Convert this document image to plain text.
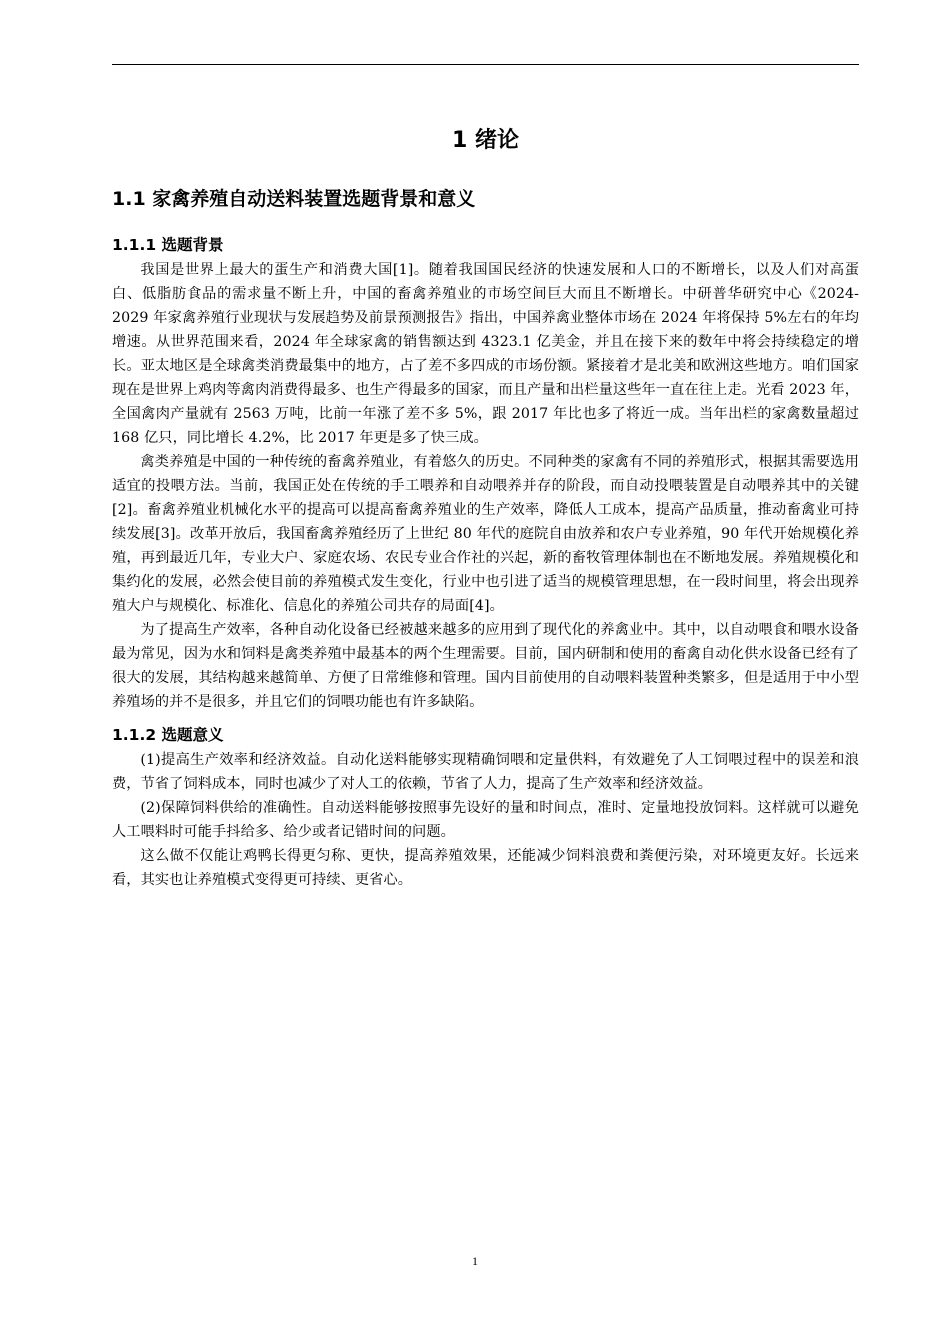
1 绪论
1.1 家禽养殖自动送料装置选题背景和意义
1.1.1 选题背景

我国是世界上最大的蛋生产和消费大国[1]。随着我国国民经济的快速发展和人口的不断增长，以及人们对高蛋白、低脂肪食品的需求量不断上升，中国的畜禽养殖业的市场空间巨大而且不断增长。中研普华研究中心《2024-2029 年家禽养殖行业现状与发展趋势及前景预测报告》指出，中国养禽业整体市场在 2024 年将保持 5%左右的年均增速。从世界范围来看，2024 年全球家禽的销售额达到 4323.1 亿美金，并且在接下来的数年中将会持续稳定的增长。亚太地区是全球禽类消费最集中的地方，占了差不多四成的市场份额。紧接着才是北美和欧洲这些地方。咱们国家现在是世界上鸡肉等禽肉消费得最多、也生产得最多的国家，而且产量和出栏量这些年一直在往上走。光看 2023 年，全国禽肉产量就有 2563 万吨，比前一年涨了差不多 5%，跟 2017 年比也多了将近一成。当年出栏的家禽数量超过 168 亿只，同比增长 4.2%，比 2017 年更是多了快三成。

禽类养殖是中国的一种传统的畜禽养殖业，有着悠久的历史。不同种类的家禽有不同的养殖形式，根据其需要选用适宜的投喂方法。当前，我国正处在传统的手工喂养和自动喂养并存的阶段，而自动投喂装置是自动喂养其中的关键[2]。畜禽养殖业机械化水平的提高可以提高畜禽养殖业的生产效率，降低人工成本，提高产品质量，推动畜禽业可持续发展[3]。改革开放后，我国畜禽养殖经历了上世纪 80 年代的庭院自由放养和农户专业养殖，90 年代开始规模化养殖，再到最近几年，专业大户、家庭农场、农民专业合作社的兴起，新的畜牧管理体制也在不断地发展。养殖规模化和集约化的发展，必然会使目前的养殖模式发生变化，行业中也引进了适当的规模管理思想，在一段时间里，将会出现养殖大户与规模化、标准化、信息化的养殖公司共存的局面[4]。

为了提高生产效率，各种自动化设备已经被越来越多的应用到了现代化的养禽业中。其中，以自动喂食和喂水设备最为常见，因为水和饲料是禽类养殖中最基本的两个生理需要。目前，国内研制和使用的畜禽自动化供水设备已经有了很大的发展，其结构越来越简单、方便了日常维修和管理。国内目前使用的自动喂料装置种类繁多，但是适用于中小型养殖场的并不是很多，并且它们的饲喂功能也有许多缺陷。

1.1.2 选题意义

(1)提高生产效率和经济效益。自动化送料能够实现精确饲喂和定量供料，有效避免了人工饲喂过程中的误差和浪费，节省了饲料成本，同时也减少了对人工的依赖，节省了人力，提高了生产效率和经济效益。

(2)保障饲料供给的准确性。自动送料能够按照事先设好的量和时间点，准时、定量地投放饲料。这样就可以避免人工喂料时可能手抖给多、给少或者记错时间的问题。

这么做不仅能让鸡鸭长得更匀称、更快，提高养殖效果，还能减少饲料浪费和粪便污染，对环境更友好。长远来看，其实也让养殖模式变得更可持续、更省心。

1
